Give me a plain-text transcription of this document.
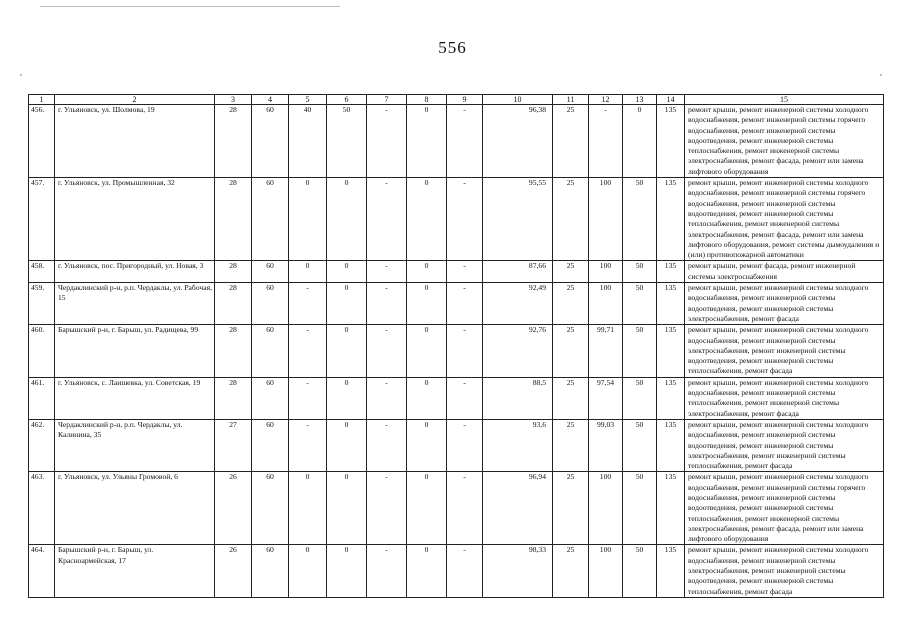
556
1	2	3	4	5	6	7	8	9	10	11	12	13	14	15
456.	г. Ульяновск, ул. Шолмова, 19	28	60	40	50	-	0	-	96,38	25	-	0	135	ремонт крыши, ремонт инженерной системы холодного водоснабжения, ремонт инженерной системы горячего водоснабжения, ремонт инженерной системы водоотведения, ремонт инженерной системы теплоснабжения, ремонт инженерной системы электроснабжения, ремонт фасада, ремонт или замена лифтового оборудования
457.	г. Ульяновск, ул. Промышленная, 32	28	60	0	0	-	0	-	95,55	25	100	50	135	ремонт крыши, ремонт инженерной системы холодного водоснабжения, ремонт инженерной системы горячего водоснабжения, ремонт инженерной системы водоотведения, ремонт инженерной системы теплоснабжения, ремонт инженерной системы электроснабжения, ремонт фасада, ремонт или замена лифтового оборудования, ремонт системы дымоудаления и (или) противопожарной автоматики
458.	г. Ульяновск, пос. Пригородный, ул. Новая, 3	28	60	0	0	-	0	-	87,66	25	100	50	135	ремонт крыши, ремонт фасада, ремонт инженерной системы электроснабжения
459.	Чердаклинский р-н, р.п. Чердаклы, ул. Рабочая, 15	28	60	-	0	-	0	-	92,49	25	100	50	135	ремонт крыши, ремонт инженерной системы холодного водоснабжения, ремонт инженерной системы водоотведения, ремонт инженерной системы электроснабжения, ремонт фасада
460.	Барышский р-н, г. Барыш, ул. Радищева, 99	28	60	-	0	-	0	-	92,76	25	99,71	50	135	ремонт крыши, ремонт инженерной системы холодного водоснабжения, ремонт инженерной системы электроснабжения, ремонт инженерной системы водоотведения, ремонт инженерной системы теплоснабжения, ремонт фасада
461.	г. Ульяновск, с. Лаишевка, ул. Советская, 19	28	60	-	0	-	0	-	88,5	25	97,54	50	135	ремонт крыши, ремонт инженерной системы холодного водоснабжения, ремонт инженерной системы теплоснабжения, ремонт инженерной системы электроснабжения, ремонт фасада
462.	Чердаклинский р-н, р.п. Чердаклы, ул. Калинина, 35	27	60	-	0	-	0	-	93,6	25	99,03	50	135	ремонт крыши, ремонт инженерной системы холодного водоснабжения, ремонт инженерной системы водоотведения, ремонт инженерной системы электроснабжения, ремонт инженерной системы теплоснабжения, ремонт фасада
463.	г. Ульяновск, ул. Ульяны Громовой, 6	26	60	0	0	-	0	-	96,94	25	100	50	135	ремонт крыши, ремонт инженерной системы холодного водоснабжения, ремонт инженерной системы горячего водоснабжения, ремонт инженерной системы водоотведения, ремонт инженерной системы теплоснабжения, ремонт инженерной системы электроснабжения, ремонт фасада, ремонт или замена лифтового оборудования
464.	Барышский р-н, г. Барыш, ул. Красноармейская, 17	26	60	0	0	-	0	-	98,33	25	100	50	135	ремонт крыши, ремонт инженерной системы холодного водоснабжения, ремонт инженерной системы электроснабжения, ремонт инженерной системы водоотведения, ремонт инженерной системы теплоснабжения, ремонт фасада
